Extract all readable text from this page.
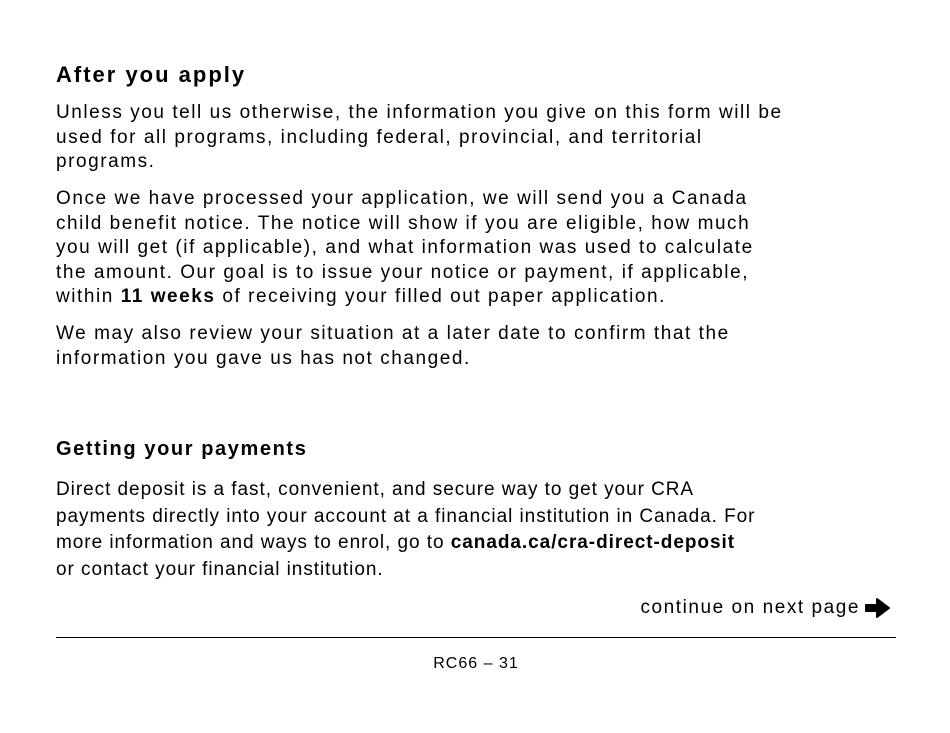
After you apply

Unless you tell us otherwise, the information you give on this form will be
used for all programs, including federal, provincial, and territorial
programs.

Once we have processed your application, we will send you a Canada
child benefit notice. The notice will show if you are eligible, how much
you will get (if applicable), and what information was used to calculate
the amount. Our goal is to issue your notice or payment, if applicable,
within 11 weeks of receiving your filled out paper application.

We may also review your situation at a later date to confirm that the
information you gave us has not changed.

Getting your payments

Direct deposit is a fast, convenient, and secure way to get your CRA
payments directly into your account at a financial institution in Canada. For
more information and ways to enrol, go to canada.ca/cra-direct-deposit
or contact your financial institution.

continue on next page
RC66 – 31
